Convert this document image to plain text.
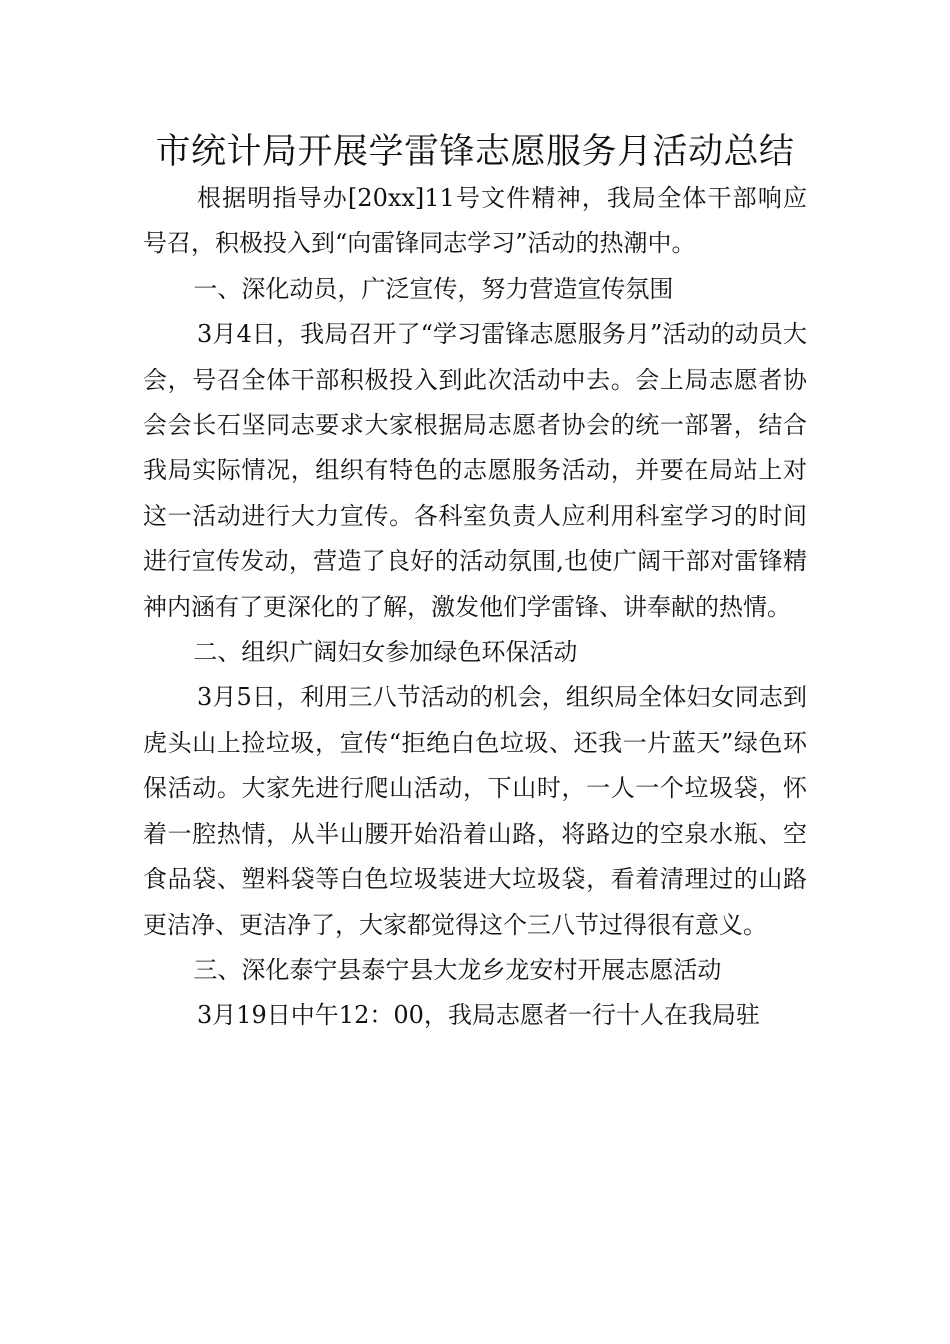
市统计局开展学雷锋志愿服务月活动总结

根据明指导办[20xx]11号文件精神，我局全体干部响应号召，积极投入到“向雷锋同志学习”活动的热潮中。

一、深化动员，广泛宣传，努力营造宣传氛围

3月4日，我局召开了“学习雷锋志愿服务月”活动的动员大会，号召全体干部积极投入到此次活动中去。会上局志愿者协会会长石坚同志要求大家根据局志愿者协会的统一部署，结合我局实际情况，组织有特色的志愿服务活动，并要在局站上对这一活动进行大力宣传。各科室负责人应利用科室学习的时间进行宣传发动，营造了良好的活动氛围,也使广阔干部对雷锋精神内涵有了更深化的了解，激发他们学雷锋、讲奉献的热情。

二、组织广阔妇女参加绿色环保活动

3月5日，利用三八节活动的机会，组织局全体妇女同志到虎头山上捡垃圾，宣传“拒绝白色垃圾、还我一片蓝天”绿色环保活动。大家先进行爬山活动，下山时，一人一个垃圾袋，怀着一腔热情，从半山腰开始沿着山路，将路边的空泉水瓶、空食品袋、塑料袋等白色垃圾装进大垃圾袋，看着清理过的山路更洁净、更洁净了，大家都觉得这个三八节过得很有意义。

三、深化泰宁县泰宁县大龙乡龙安村开展志愿活动

3月19日中午12：00，我局志愿者一行十人在我局驻
